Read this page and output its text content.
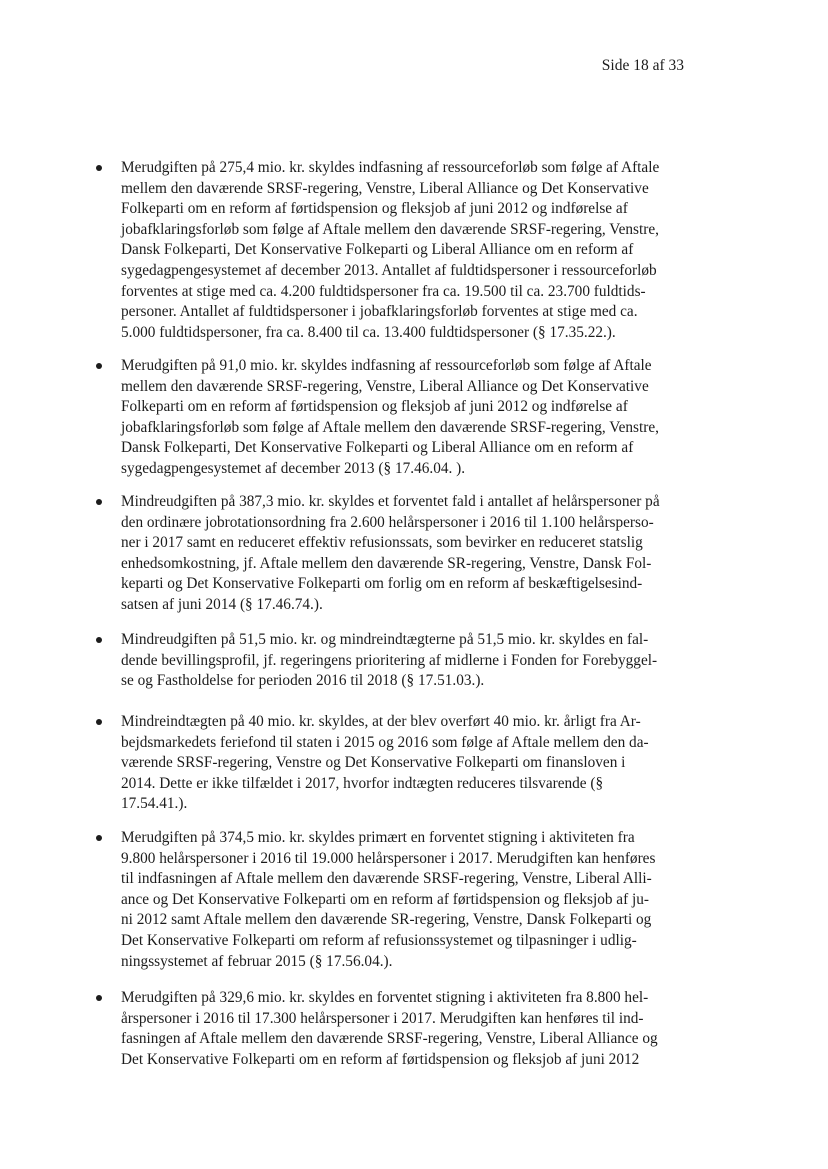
Side 18 af 33
Merudgiften på 275,4 mio. kr. skyldes indfasning af ressourceforløb som følge af Aftale
mellem den daværende SRSF-regering, Venstre, Liberal Alliance og Det Konservative
Folkeparti om en reform af førtidspension og fleksjob af juni 2012 og indførelse af
jobafklaringsforløb som følge af Aftale mellem den daværende SRSF-regering, Venstre,
Dansk Folkeparti, Det Konservative Folkeparti og Liberal Alliance om en reform af
sygedagpengesystemet af december 2013. Antallet af fuldtidspersoner i ressourceforløb
forventes at stige med ca. 4.200 fuldtidspersoner fra ca. 19.500 til ca. 23.700 fuldtids-
personer. Antallet af fuldtidspersoner i jobafklaringsforløb forventes at stige med ca.
5.000 fuldtidspersoner, fra ca. 8.400 til ca. 13.400 fuldtidspersoner (§ 17.35.22.).
Merudgiften på 91,0 mio. kr. skyldes indfasning af ressourceforløb som følge af Aftale
mellem den daværende SRSF-regering, Venstre, Liberal Alliance og Det Konservative
Folkeparti om en reform af førtidspension og fleksjob af juni 2012 og indførelse af
jobafklaringsforløb som følge af Aftale mellem den daværende SRSF-regering, Venstre,
Dansk Folkeparti, Det Konservative Folkeparti og Liberal Alliance om en reform af
sygedagpengesystemet af december 2013 (§ 17.46.04. ).
Mindreudgiften på 387,3 mio. kr. skyldes et forventet fald i antallet af helårspersoner på
den ordinære jobrotationsordning fra 2.600 helårspersoner i 2016 til 1.100 helårsperso-
ner i 2017 samt en reduceret effektiv refusionssats, som bevirker en reduceret statslig
enhedsomkostning, jf. Aftale mellem den daværende SR-regering, Venstre, Dansk Fol-
keparti og Det Konservative Folkeparti om forlig om en reform af beskæftigelsesind-
satsen af juni 2014 (§ 17.46.74.).
Mindreudgiften på 51,5 mio. kr. og mindreindtægterne på 51,5 mio. kr. skyldes en fal-
dende bevillingsprofil, jf. regeringens prioritering af midlerne i Fonden for Forebyggel-
se og Fastholdelse for perioden 2016 til 2018 (§ 17.51.03.).
Mindreindtægten på 40 mio. kr. skyldes, at der blev overført 40 mio. kr. årligt fra Ar-
bejdsmarkedets feriefond til staten i 2015 og 2016 som følge af Aftale mellem den da-
værende SRSF-regering, Venstre og Det Konservative Folkeparti om finansloven i
2014. Dette er ikke tilfældet i 2017, hvorfor indtægten reduceres tilsvarende (§
17.54.41.).
Merudgiften på 374,5 mio. kr. skyldes primært en forventet stigning i aktiviteten fra
9.800 helårspersoner i 2016 til 19.000 helårspersoner i 2017. Merudgiften kan henføres
til indfasningen af Aftale mellem den daværende SRSF-regering, Venstre, Liberal Alli-
ance og Det Konservative Folkeparti om en reform af førtidspension og fleksjob af ju-
ni 2012 samt Aftale mellem den daværende SR-regering, Venstre, Dansk Folkeparti og
Det Konservative Folkeparti om reform af refusionssystemet og tilpasninger i udlig-
ningssystemet af februar 2015 (§ 17.56.04.).
Merudgiften på 329,6 mio. kr. skyldes en forventet stigning i aktiviteten fra 8.800 hel-
årspersoner i 2016 til 17.300 helårspersoner i 2017. Merudgiften kan henføres til ind-
fasningen af Aftale mellem den daværende SRSF-regering, Venstre, Liberal Alliance og
Det Konservative Folkeparti om en reform af førtidspension og fleksjob af juni 2012
